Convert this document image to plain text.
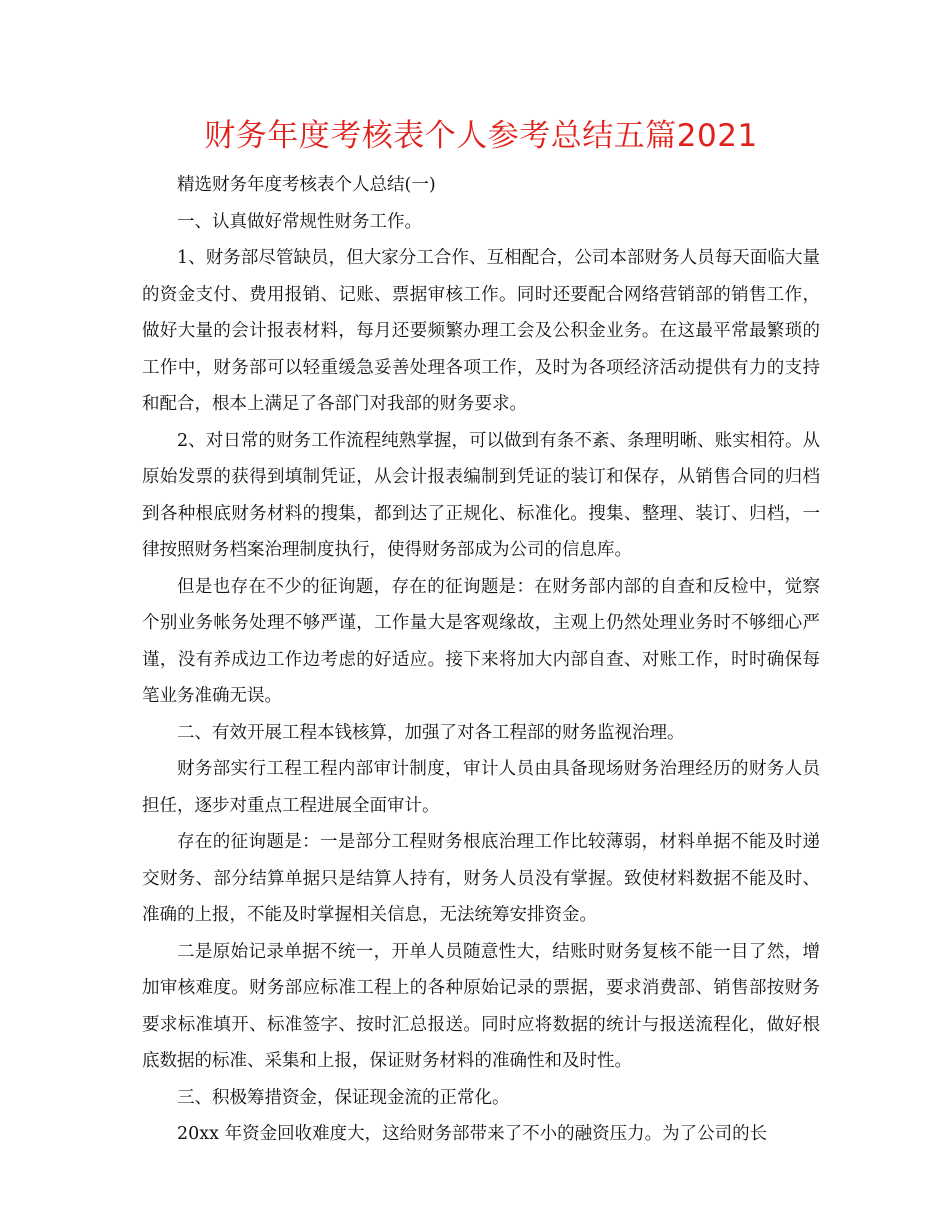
财务年度考核表个人参考总结五篇2021

精选财务年度考核表个人总结(一)

一、认真做好常规性财务工作。

1、财务部尽管缺员，但大家分工合作、互相配合，公司本部财务人员每天面临大量的资金支付、费用报销、记账、票据审核工作。同时还要配合网络营销部的销售工作，做好大量的会计报表材料，每月还要频繁办理工会及公积金业务。在这最平常最繁琐的工作中，财务部可以轻重缓急妥善处理各项工作，及时为各项经济活动提供有力的支持和配合，根本上满足了各部门对我部的财务要求。

2、对日常的财务工作流程纯熟掌握，可以做到有条不紊、条理明晰、账实相符。从原始发票的获得到填制凭证，从会计报表编制到凭证的装订和保存，从销售合同的归档到各种根底财务材料的搜集，都到达了正规化、标准化。搜集、整理、装订、归档，一律按照财务档案治理制度执行，使得财务部成为公司的信息库。

但是也存在不少的征询题，存在的征询题是：在财务部内部的自查和反检中，觉察个别业务帐务处理不够严谨，工作量大是客观缘故，主观上仍然处理业务时不够细心严谨，没有养成边工作边考虑的好适应。接下来将加大内部自查、对账工作，时时确保每笔业务准确无误。

二、有效开展工程本钱核算，加强了对各工程部的财务监视治理。

财务部实行工程工程内部审计制度，审计人员由具备现场财务治理经历的财务人员担任，逐步对重点工程进展全面审计。

存在的征询题是：一是部分工程财务根底治理工作比较薄弱，材料单据不能及时递交财务、部分结算单据只是结算人持有，财务人员没有掌握。致使材料数据不能及时、准确的上报，不能及时掌握相关信息，无法统筹安排资金。

二是原始记录单据不统一，开单人员随意性大，结账时财务复核不能一目了然，增加审核难度。财务部应标准工程上的各种原始记录的票据，要求消费部、销售部按财务要求标准填开、标准签字、按时汇总报送。同时应将数据的统计与报送流程化，做好根底数据的标准、采集和上报，保证财务材料的准确性和及时性。

三、积极筹措资金，保证现金流的正常化。

20xx 年资金回收难度大，这给财务部带来了不小的融资压力。为了公司的长
